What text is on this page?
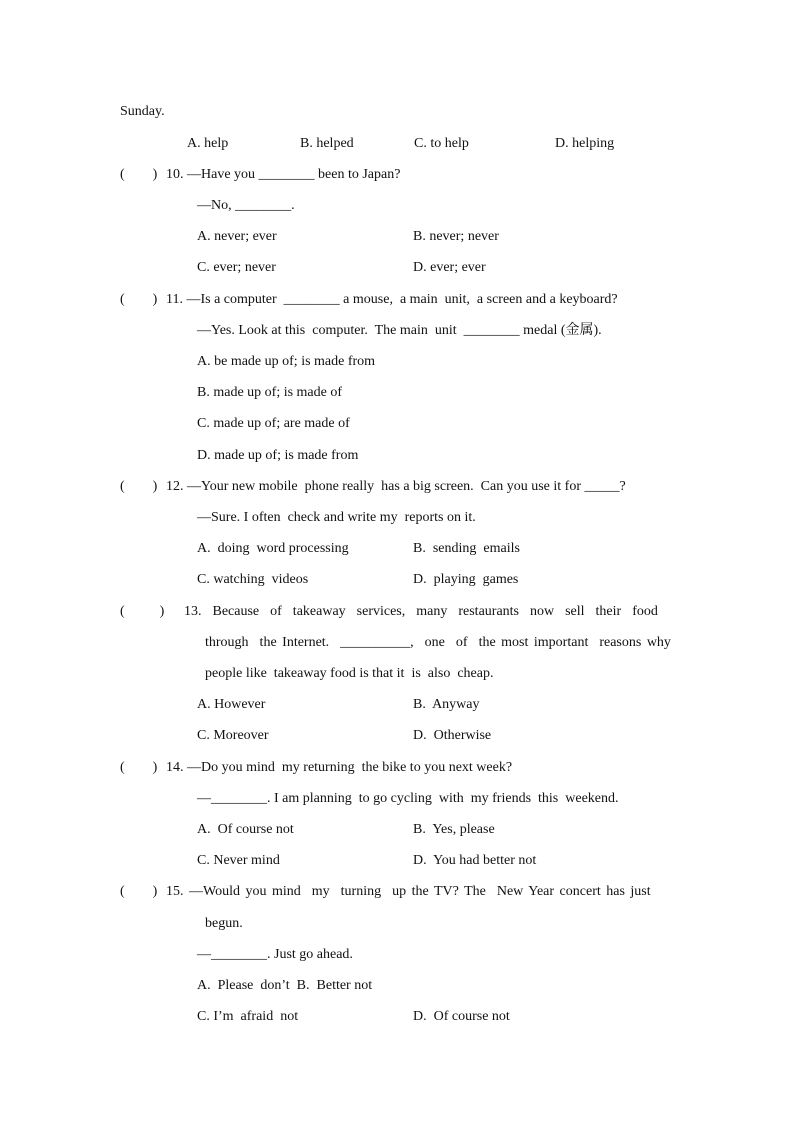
Sunday.
A. help	B. helped	C. to help	D. helping
(        ) 10. —Have you ________ been to Japan?
—No, ________.
A. never; ever	B. never; never
C. ever; never	D. ever; ever
(        ) 11. —Is a computer  ________ a mouse,  a main  unit,  a screen and a keyboard?
—Yes. Look at this  computer.  The main  unit  ________ medal (金属).
A. be made up of; is made from
B. made up of; is made of
C. made up of; are made of
D. made up of; is made from
(        ) 12. —Your new mobile  phone really  has a big screen.  Can you use it for _____?
—Sure. I often  check and write my  reports on it.
A.  doing  word processing	B.  sending  emails
C. watching  videos	D.  playing  games
(          ) 13.  Because  of  takeaway  services,  many  restaurants  now  sell  their  food
through  the Internet.  __________,  one  of  the most important  reasons why
people like  takeaway food is that it  is  also  cheap.
A. However	B.  Anyway
C. Moreover	D.  Otherwise
(        ) 14. —Do you mind  my returning  the bike to you next week?
—________. I am planning  to go cycling  with  my friends  this  weekend.
A.  Of course not	B.  Yes, please
C. Never mind	D.  You had better not
(        ) 15. —Would you mind  my  turning  up the TV? The  New Year concert has just
begun.
—________. Just go ahead.
A.  Please  don’t  B.  Better not
C. I’m  afraid  not	D.  Of course not
